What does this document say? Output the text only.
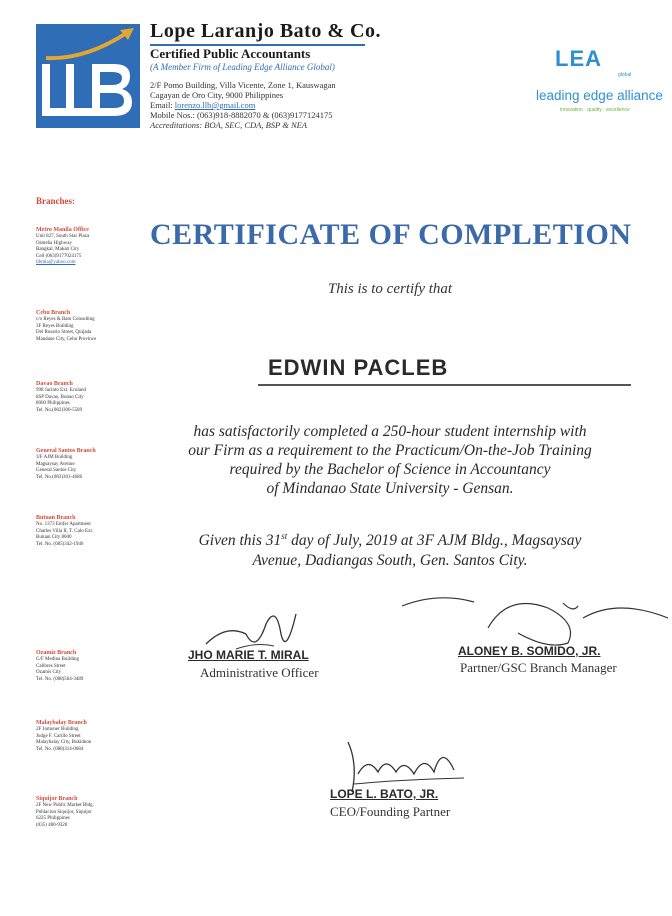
Lope Laranjo Bato & Co.
Certified Public Accountants
(A Member Firm of Leading Edge Alliance Global)
2/F Pomo Building, Villa Vicente, Zone 1, Kauswagan
Cagayan de Oro City, 9000 Philippines
Email: lorenzo.llb@gmail.com
Mobile Nos.: (063)918-8882070 & (063)9177124175
Accreditations: BOA, SEC, CDA, BSP & NEA
LEA
global
leading edge alliance
innovation · quality · excellence
Branches:
Metro Manila Office
Unit 827, South Star Plaza
Osmeña Highway
Bangkal, Makati City
Cell (063)9177024175
llbmla@yahoo.com
Cebu Branch
c/o Reyes & Bato Consulting
3F Reyes Building
Del Rosario Street, Quijada
Mandaue City, Cebu Province
Davao Branch
998 Jacinto Ext. Ecoland
8SP Davao, Bunao City
8000 Philippines
Tel. No.(082)300-5589
General Santos Branch
3/F AJM Building
Magsaysay Avenue
General Santos City
Tel. No.(083)301-4686
Butuan Branch
No. 1373 Emfer Apartment
Charles Villa II, T. Calo Ext.
Butuan City 8600
Tel. No. (085)342-1946
Ozamiz Branch
G/F Medina Building
Calibres Street
Ozamis City
Tel. No. (088)564-3489
Malaybalay Branch
2F Jomoner Building
Judge F. Carillo Street
Malaybalay City, Bukidnon
Tel. No. (088)314-0684
Siquijor Branch
2F New Public Market Bldg.
Poblacion Siquijor, Siquijor
6225 Philippines
(035) 480-9320
CERTIFICATE OF COMPLETION
This is to certify that
EDWIN PACLEB
has satisfactorily completed a 250-hour student internship with
our Firm as a requirement to the Practicum/On-the-Job Training
required by the Bachelor of Science in Accountancy
of Mindanao State University - Gensan.
Given this 31st day of July, 2019 at 3F AJM Bldg., Magsaysay
Avenue, Dadiangas South, Gen. Santos City.
JHO MARIE T. MIRAL
Administrative Officer
ALONEY B. SOMIDO, JR.
Partner/GSC Branch Manager
LOPE L. BATO, JR.
CEO/Founding Partner
